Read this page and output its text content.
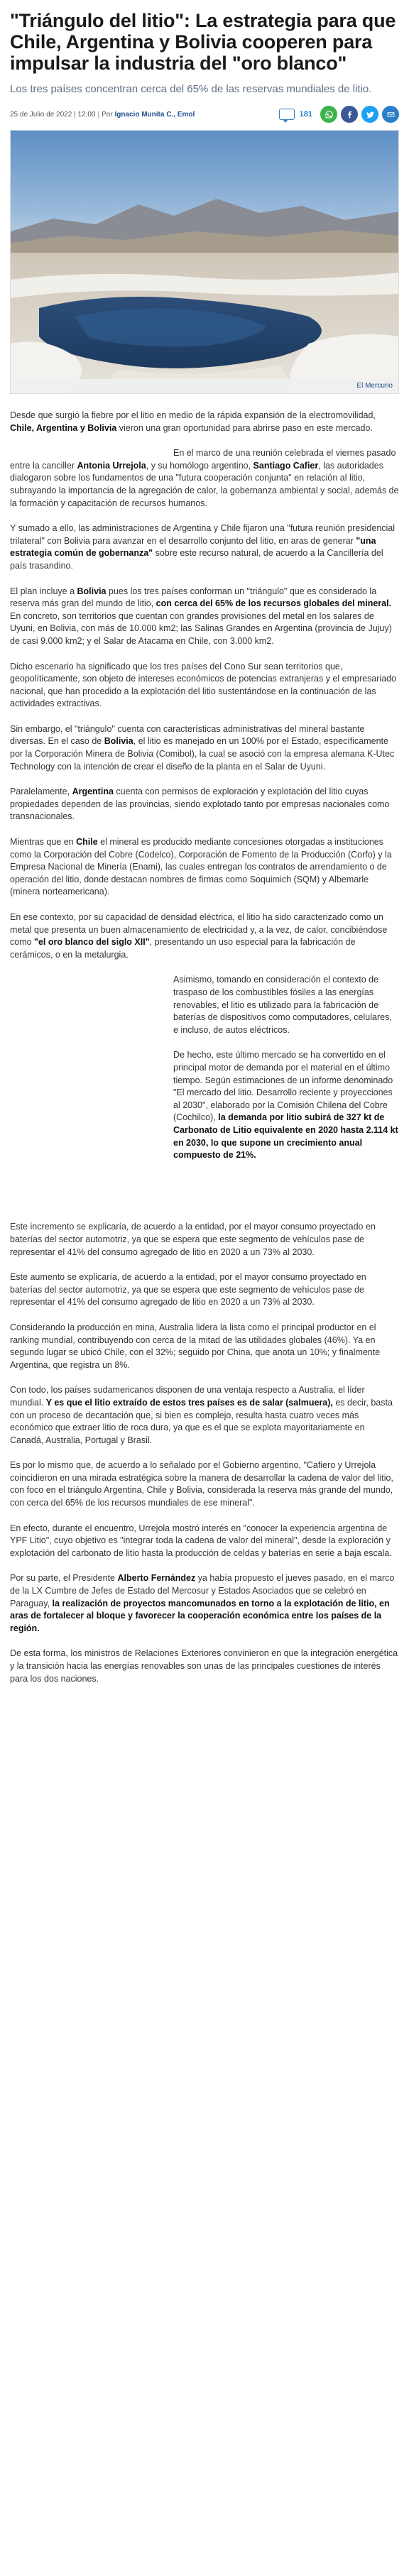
"Triángulo del litio": La estrategia para que Chile, Argentina y Bolivia cooperen para impulsar la industria del "oro blanco"

Los tres países concentran cerca del 65% de las reservas mundiales de litio.

25 de Julio de 2022 | 12:00 | Por Ignacio Munita C., Emol	181
El Mercurio

Desde que surgió la fiebre por el litio en medio de la rápida expansión de la electromovilidad, Chile, Argentina y Bolivia vieron una gran oportunidad para abrirse paso en este mercado.

En el marco de una reunión celebrada el viernes pasado entre la canciller Antonia Urrejola, y su homólogo argentino, Santiago Cafier, las autoridades dialogaron sobre los fundamentos de una "futura cooperación conjunta" en relación al litio, subrayando la importancia de la agregación de calor, la gobernanza ambiental y social, además de la formación y capacitación de recursos humanos.

Y sumado a ello, las administraciones de Argentina y Chile fijaron una "futura reunión presidencial trilateral" con Bolivia para avanzar en el desarrollo conjunto del litio, en aras de generar "una estrategia común de gobernanza" sobre este recurso natural, de acuerdo a la Cancillería del país trasandino.

El plan incluye a Bolivia pues los tres países conforman un "triángulo" que es considerado la reserva más gran del mundo de litio, con cerca del 65% de los recursos globales del mineral. En concreto, son territorios que cuentan con grandes provisiones del metal en los salares de Uyuni, en Bolivia, con más de 10.000 km2; las Salinas Grandes en Argentina (provincia de Jujuy) de casi 9.000 km2; y el Salar de Atacama en Chile, con 3.000 km2.

Dicho escenario ha significado que los tres países del Cono Sur sean territorios que, geopolíticamente, son objeto de intereses económicos de potencias extranjeras y el empresariado nacional, que han procedido a la explotación del litio sustentándose en la continuación de las actividades extractivas.

Sin embargo, el "triángulo" cuenta con características administrativas del mineral bastante diversas. En el caso de Bolivia, el litio es manejado en un 100% por el Estado, específicamente por la Corporación Minera de Bolivia (Comibol), la cual se asoció con la empresa alemana K-Utec Technology con la intención de crear el diseño de la planta en el Salar de Uyuni.

Paralelamente, Argentina cuenta con permisos de exploración y explotación del litio cuyas propiedades dependen de las provincias, siendo explotado tanto por empresas nacionales como transnacionales.

Mientras que en Chile el mineral es producido mediante concesiones otorgadas a instituciones como la Corporación del Cobre (Codelco), Corporación de Fomento de la Producción (Corfo) y la Empresa Nacional de Minería (Enami), las cuales entregan los contratos de arrendamiento o de operación del litio, donde destacan nombres de firmas como Soquimich (SQM) y Albemarle (minera norteamericana).

En ese contexto, por su capacidad de densidad eléctrica, el litio ha sido caracterizado como un metal que presenta un buen almacenamiento de electricidad y, a la vez, de calor, concibiéndose como "el oro blanco del siglo XII", presentando un uso especial para la fabricación de cerámicos, o en la metalurgia.

Asimismo, tomando en consideración el contexto de traspaso de los combustibles fósiles a las energías renovables, el litio es utilizado para la fabricación de baterías de dispositivos como computadores, celulares, e incluso, de autos eléctricos.

De hecho, este último mercado se ha convertido en el principal motor de demanda por el material en el último tiempo. Según estimaciones de un informe denominado "El mercado del litio. Desarrollo reciente y proyecciones al 2030", elaborado por la Comisión Chilena del Cobre (Cochilco), la demanda por litio subirá de 327 kt de Carbonato de Litio equivalente en 2020 hasta 2.114 kt en 2030, lo que supone un crecimiento anual compuesto de 21%.

Este incremento se explicaría, de acuerdo a la entidad, por el mayor consumo proyectado en baterías del sector automotriz, ya que se espera que este segmento de vehículos pase de representar el 41% del consumo agregado de litio en 2020 a un 73% al 2030.

Este aumento se explicaría, de acuerdo a la entidad, por el mayor consumo proyectado en baterías del sector automotriz, ya que se espera que este segmento de vehículos pase de representar el 41% del consumo agregado de litio en 2020 a un 73% al 2030.

Considerando la producción en mina, Australia lidera la lista como el principal productor en el ranking mundial, contribuyendo con cerca de la mitad de las utilidades globales (46%). Ya en segundo lugar se ubicó Chile, con el 32%; seguido por China, que anota un 10%; y finalmente Argentina, que registra un 8%.

Con todo, los países sudamericanos disponen de una ventaja respecto a Australia, el líder mundial. Y es que el litio extraído de estos tres países es de salar (salmuera), es decir, basta con un proceso de decantación que, si bien es complejo, resulta hasta cuatro veces más económico que extraer litio de roca dura, ya que es el que se explota mayoritariamente en Canadá, Australia, Portugal y Brasil.

Es por lo mismo que, de acuerdo a lo señalado por el Gobierno argentino, "Cafiero y Urrejola coincidieron en una mirada estratégica sobre la manera de desarrollar la cadena de valor del litio, con foco en el triángulo Argentina, Chile y Bolivia, considerada la reserva más grande del mundo, con cerca del 65% de los recursos mundiales de ese mineral".

En efecto, durante el encuentro, Urrejola mostró interés en "conocer la experiencia argentina de YPF Litio", cuyo objetivo es "integrar toda la cadena de valor del mineral", desde la exploración y explotación del carbonato de litio hasta la producción de celdas y baterías en serie a baja escala.

Por su parte, el Presidente Alberto Fernández ya había propuesto el jueves pasado, en el marco de la LX Cumbre de Jefes de Estado del Mercosur y Estados Asociados que se celebró en Paraguay, la realización de proyectos mancomunados en torno a la explotación de litio, en aras de fortalecer al bloque y favorecer la cooperación económica entre los países de la región.

De esta forma, los ministros de Relaciones Exteriores convinieron en que la integración energética y la transición hacia las energías renovables son unas de las principales cuestiones de interés para los dos naciones.
